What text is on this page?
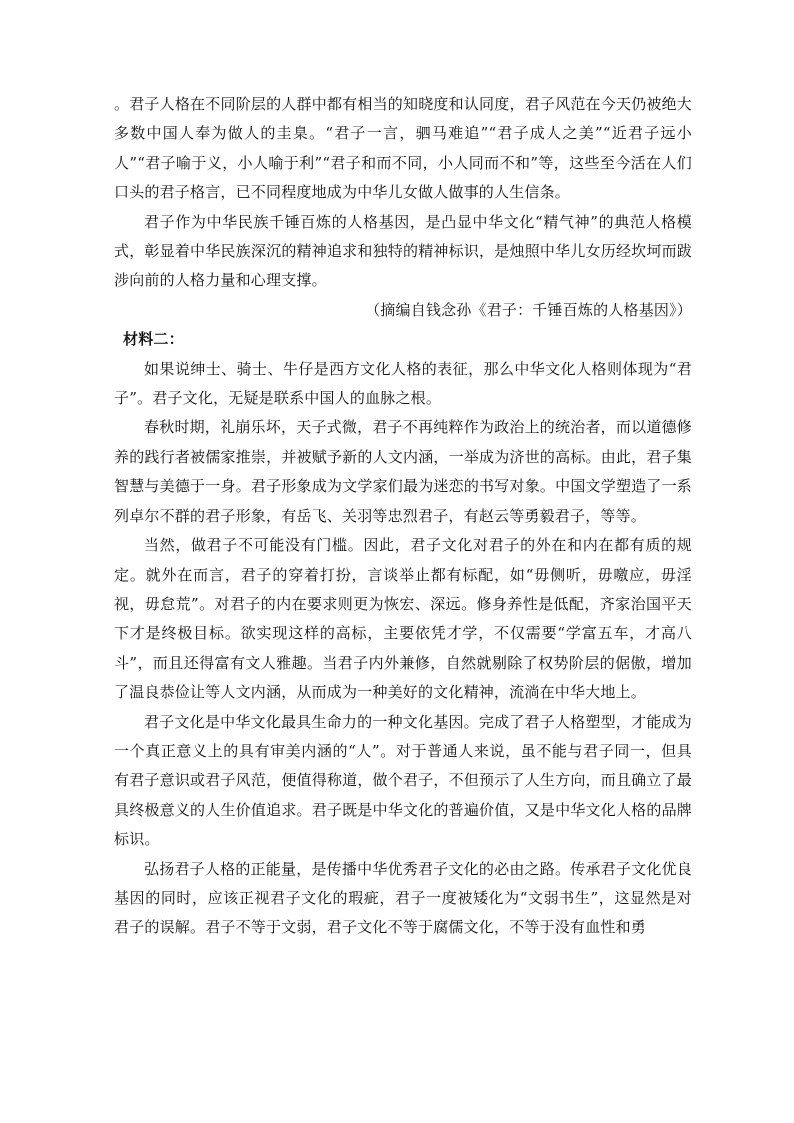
。君子人格在不同阶层的人群中都有相当的知晓度和认同度，君子风范在今天仍被绝大多数中国人奉为做人的圭臬。“君子一言，驷马难追”“君子成人之美”“近君子远小人”“君子喻于义，小人喻于利”“君子和而不同，小人同而不和”等，这些至今活在人们口头的君子格言，已不同程度地成为中华儿女做人做事的人生信条。

君子作为中华民族千锤百炼的人格基因，是凸显中华文化“精气神”的典范人格模式，彰显着中华民族深沉的精神追求和独特的精神标识，是烛照中华儿女历经坎坷而跋涉向前的人格力量和心理支撑。

（摘编自钱念孙《君子：千锤百炼的人格基因》）

材料二：

如果说绅士、骑士、牛仔是西方文化人格的表征，那么中华文化人格则体现为“君子”。君子文化，无疑是联系中国人的血脉之根。

春秋时期，礼崩乐坏，天子式微，君子不再纯粹作为政治上的统治者，而以道德修养的践行者被儒家推崇，并被赋予新的人文内涵，一举成为济世的高标。由此，君子集智慧与美德于一身。君子形象成为文学家们最为迷恋的书写对象。中国文学塑造了一系列卓尔不群的君子形象，有岳飞、关羽等忠烈君子，有赵云等勇毅君子，等等。

当然，做君子不可能没有门槛。因此，君子文化对君子的外在和内在都有质的规定。就外在而言，君子的穿着打扮，言谈举止都有标配，如“毋侧听，毋噭应，毋淫视，毋怠荒”。对君子的内在要求则更为恢宏、深远。修身养性是低配，齐家治国平天下才是终极目标。欲实现这样的高标，主要依凭才学，不仅需要“学富五车，才高八斗”，而且还得富有文人雅趣。当君子内外兼修，自然就剔除了权势阶层的倨傲，增加了温良恭俭让等人文内涵，从而成为一种美好的文化精神，流淌在中华大地上。

君子文化是中华文化最具生命力的一种文化基因。完成了君子人格塑型，才能成为一个真正意义上的具有审美内涵的“人”。对于普通人来说，虽不能与君子同一，但具有君子意识或君子风范，便值得称道，做个君子，不但预示了人生方向，而且确立了最具终极意义的人生价值追求。君子既是中华文化的普遍价值，又是中华文化人格的品牌标识。

弘扬君子人格的正能量，是传播中华优秀君子文化的必由之路。传承君子文化优良基因的同时，应该正视君子文化的瑕疵，君子一度被矮化为“文弱书生”，这显然是对君子的误解。君子不等于文弱，君子文化不等于腐儒文化，不等于没有血性和勇
